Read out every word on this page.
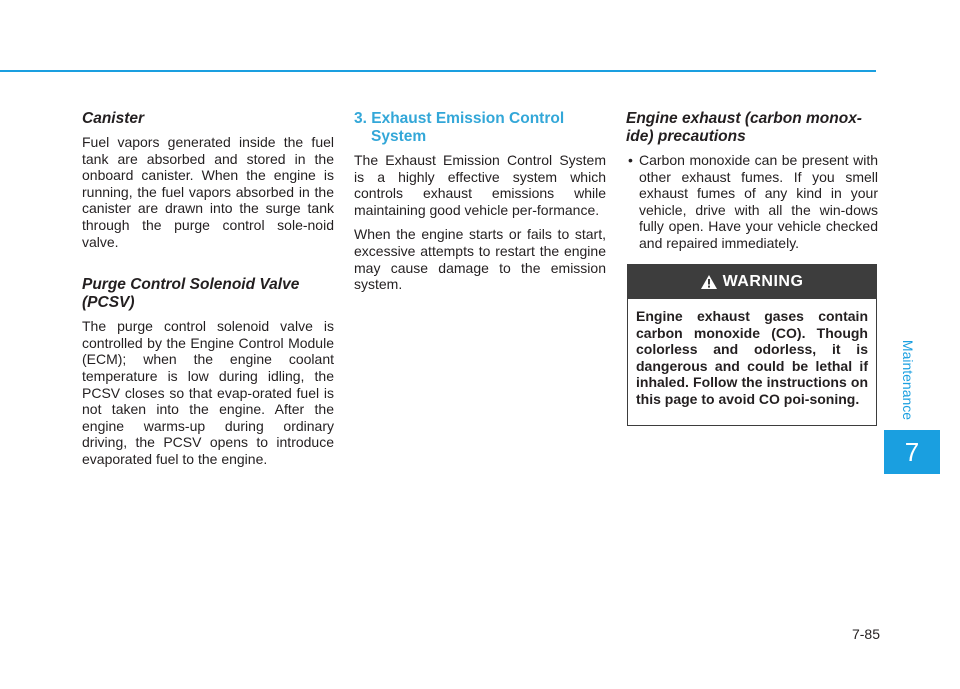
Canister

Fuel vapors generated inside the fuel tank are absorbed and stored in the onboard canister. When the engine is running, the fuel vapors absorbed in the canister are drawn into the surge tank through the purge control sole-noid valve.

Purge Control Solenoid Valve (PCSV)

The purge control solenoid valve is controlled by the Engine Control Module (ECM); when the engine coolant temperature is low during idling, the PCSV closes so that evap-orated fuel is not taken into the engine. After the engine warms-up during ordinary driving, the PCSV opens to introduce evaporated fuel to the engine.

3. Exhaust Emission Control System

The Exhaust Emission Control System is a highly effective system which controls exhaust emissions while maintaining good vehicle per-formance.

When the engine starts or fails to start, excessive attempts to restart the engine may cause damage to the emission system.

Engine exhaust (carbon monox-ide) precautions
• Carbon monoxide can be present with other exhaust fumes. If you smell exhaust fumes of any kind in your vehicle, drive with all the win-dows fully open. Have your vehicle checked and repaired immediately.
WARNING
Engine exhaust gases contain carbon monoxide (CO). Though colorless and odorless, it is dangerous and could be lethal if inhaled. Follow the instructions on this page to avoid CO poi-soning.	Maintenance
7
7-85
